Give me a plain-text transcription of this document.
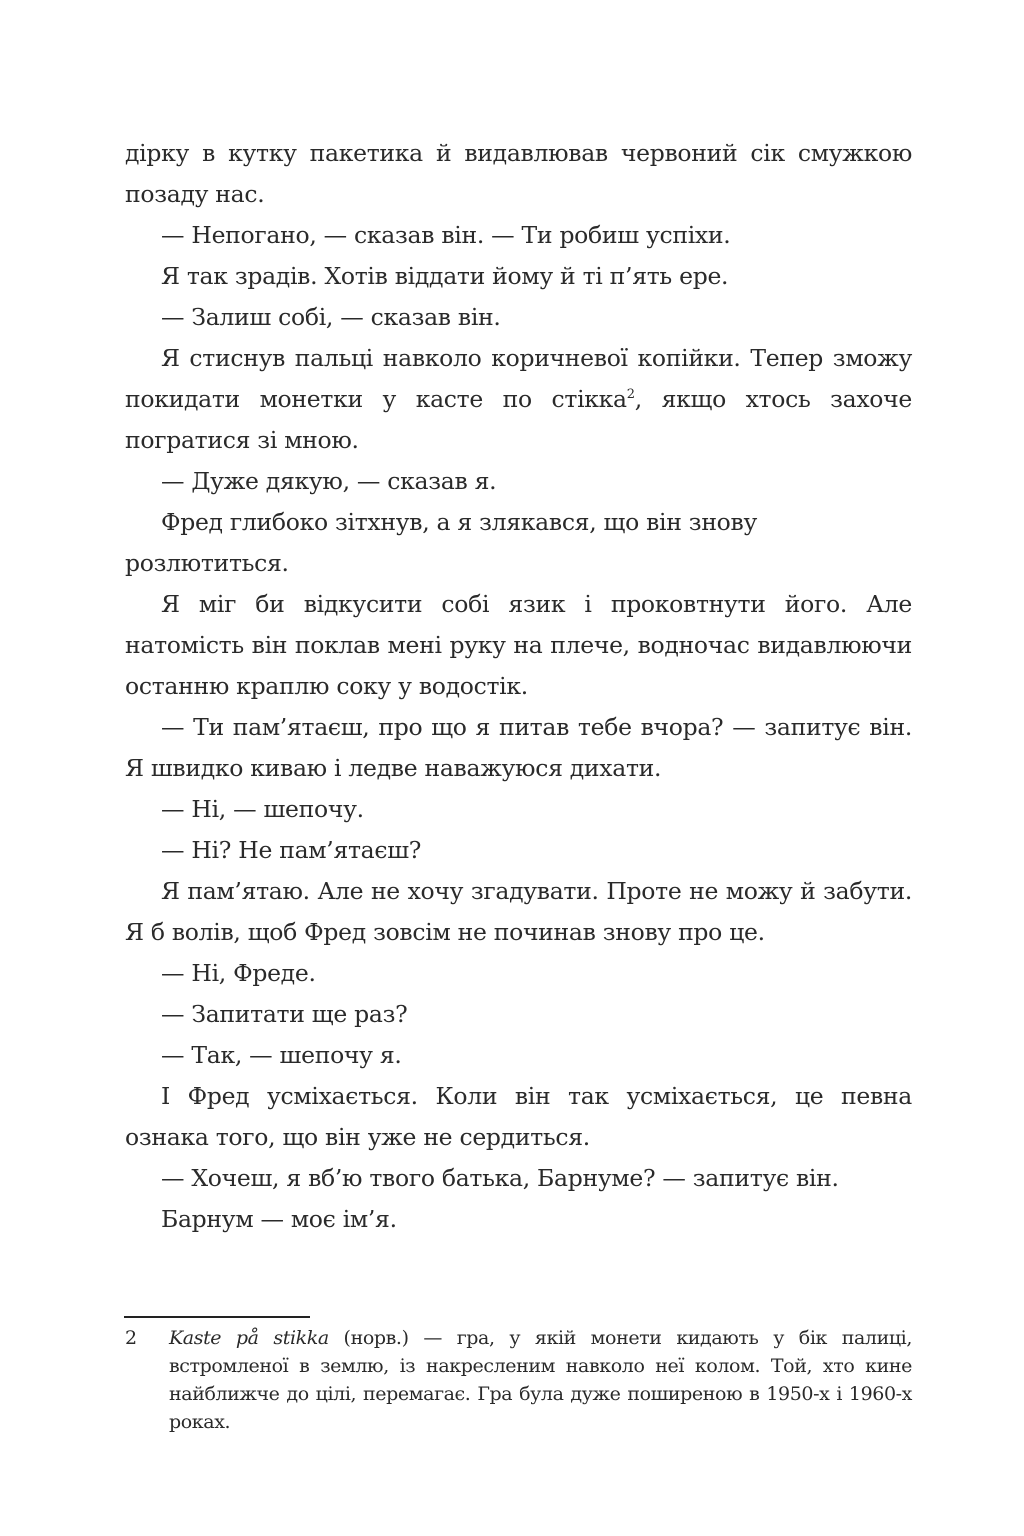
дірку в кутку пакетика й видавлював червоний сік смужкою позаду нас.

— Непогано, — сказав він. — Ти робиш успіхи.

Я так зрадів. Хотів віддати йому й ті п’ять ере.

— Залиш собі, — сказав він.

Я стиснув пальці навколо коричневої копійки. Тепер зможу покидати монетки у касте по стікка$^2$, якщо хтось захоче погратися зі мною.

— Дуже дякую, — сказав я.

Фред глибоко зітхнув, а я злякався, що він знову розлютиться.

Я міг би відкусити собі язик і проковтнути його. Але натомість він поклав мені руку на плече, водночас видавлюючи останню краплю соку у водостік.

— Ти пам’ятаєш, про що я питав тебе вчора? — запитує він. Я швидко киваю і ледве наважуюся дихати.

— Ні, — шепочу.

— Ні? Не пам’ятаєш?

Я пам’ятаю. Але не хочу згадувати. Проте не можу й забути. Я б волів, щоб Фред зовсім не починав знову про це.

— Ні, Фреде.

— Запитати ще раз?

— Так, — шепочу я.

І Фред усміхається. Коли він так усміхається, це певна ознака того, що він уже не сердиться.

— Хочеш, я вб’ю твого батька, Барнуме? — запитує він.

Барнум — моє ім’я.

2 Kaste på stikka (норв.) — гра, у якій монети кидають у бік палиці, встромленої в землю, із накресленим навколо неї колом. Той, хто кине найближче до цілі, перемагає. Гра була дуже поширеною в 1950-х і 1960-х роках.
